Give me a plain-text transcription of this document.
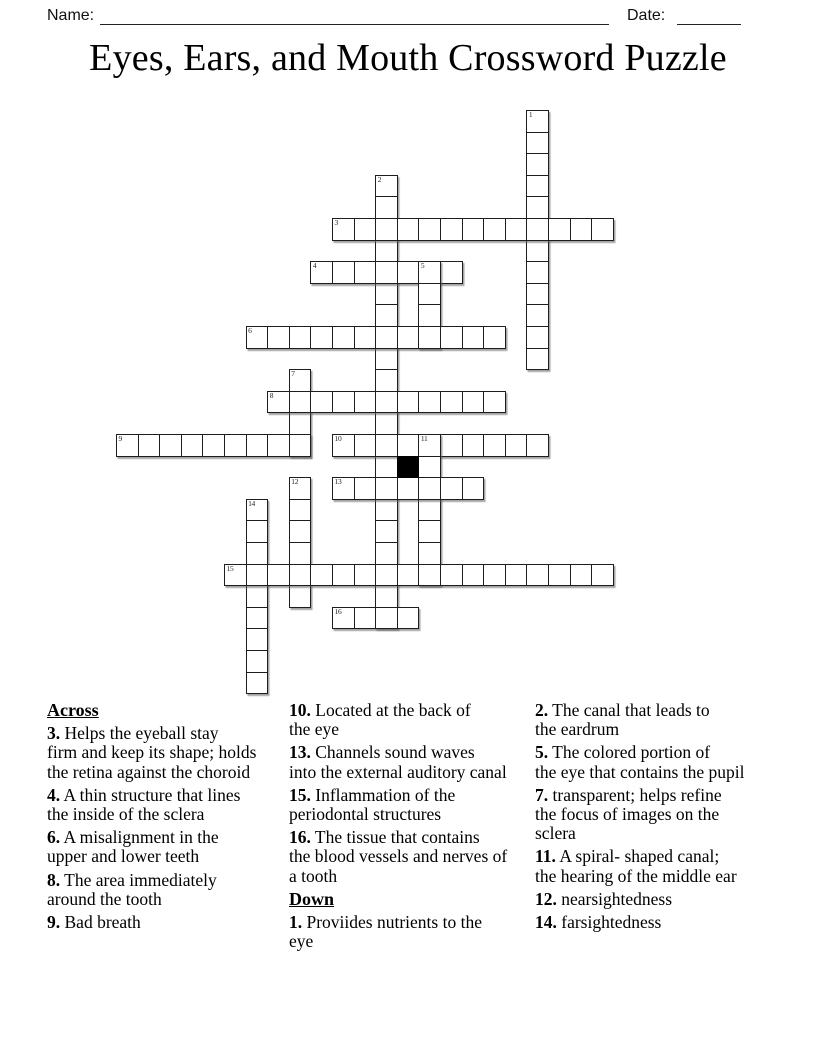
Name:	Date:
Eyes, Ears, and Mouth Crossword Puzzle
1
2
3
4	5
6
7
8
9	10	11
12	13
14
15
16
Across
3. Helps the eyeball stay
firm and keep its shape; holds
the retina against the choroid
4. A thin structure that lines
the inside of the sclera
6. A misalignment in the
upper and lower teeth
8. The area immediately
around the tooth
9. Bad breath
10. Located at the back of
the eye
13. Channels sound waves
into the external auditory canal
15. Inflammation of the
periodontal structures
16. The tissue that contains
the blood vessels and nerves of
a tooth
Down
1. Proviides nutrients to the
eye
2. The canal that leads to
the eardrum
5. The colored portion of
the eye that contains the pupil
7. transparent; helps refine
the focus of images on the
sclera
11. A spiral- shaped canal;
the hearing of the middle ear
12. nearsightedness
14. farsightedness
